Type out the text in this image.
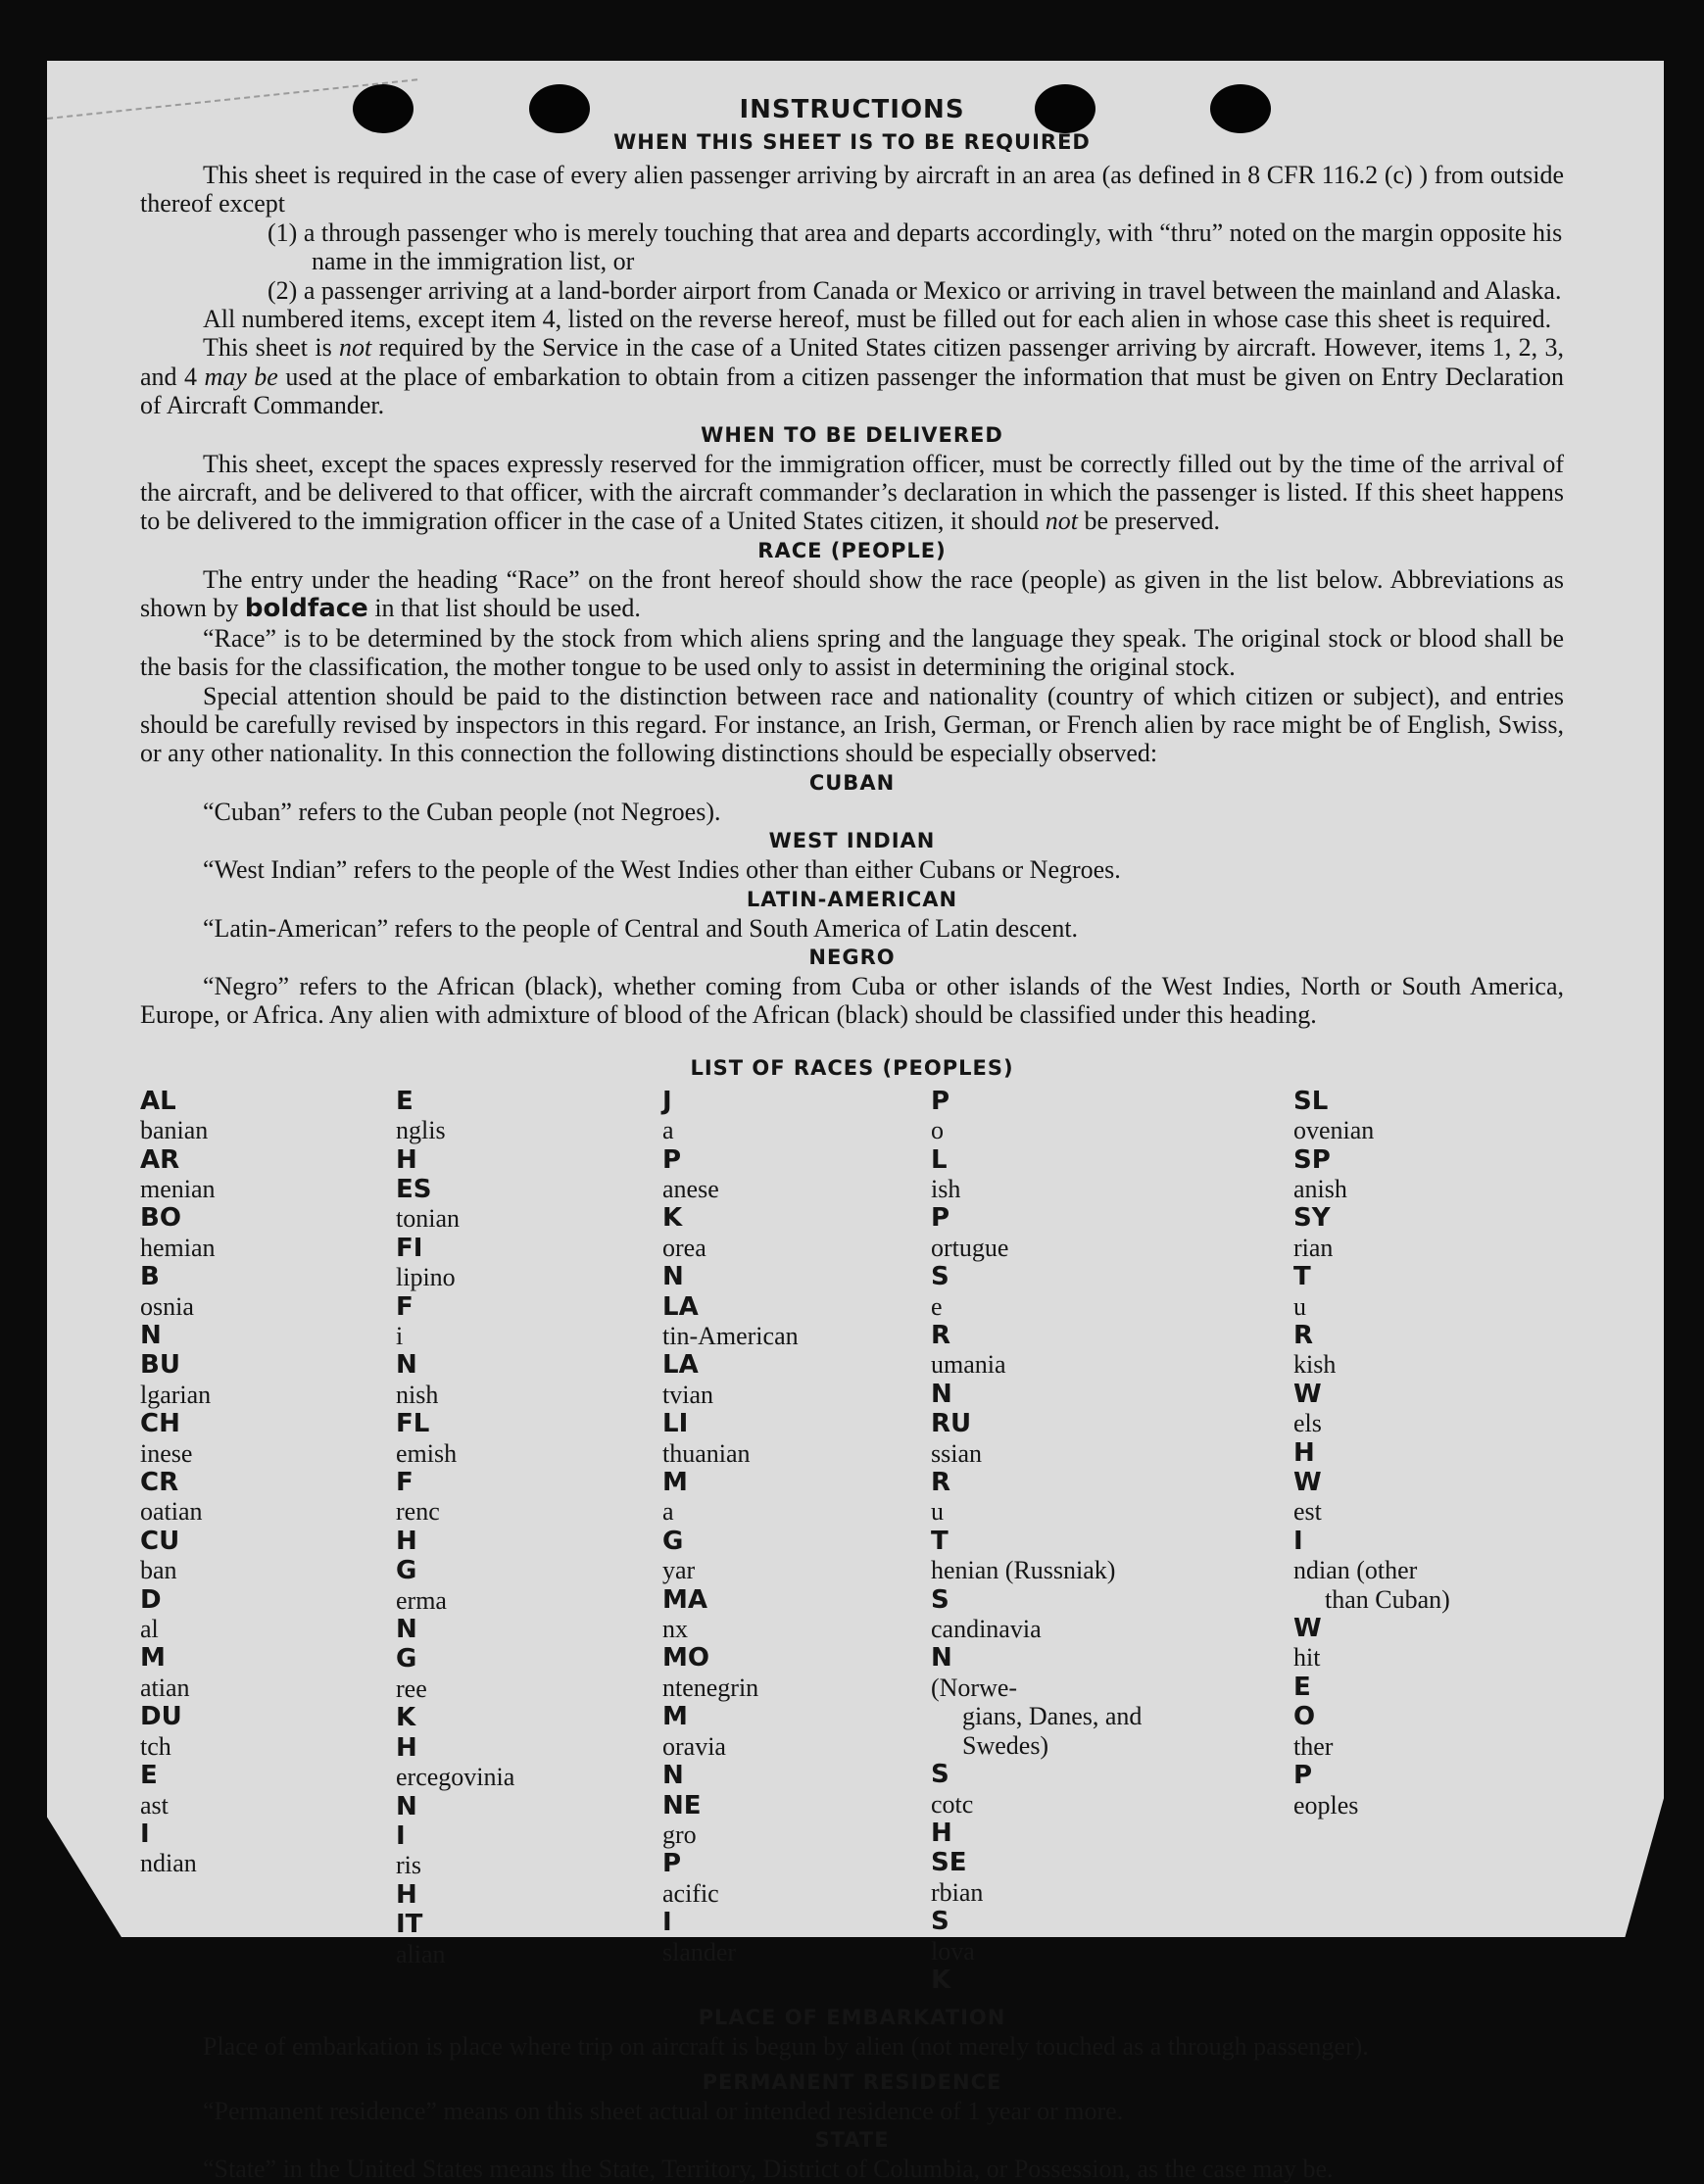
INSTRUCTIONS
WHEN THIS SHEET IS TO BE REQUIRED

This sheet is required in the case of every alien passenger arriving by aircraft in an area (as defined in 8 CFR 116.2 (c) ) from outside thereof except

(1) a through passenger who is merely touching that area and departs accordingly, with “thru” noted on the margin opposite his name in the immigration list, or

(2) a passenger arriving at a land-border airport from Canada or Mexico or arriving in travel between the mainland and Alaska.

All numbered items, except item 4, listed on the reverse hereof, must be filled out for each alien in whose case this sheet is required.

This sheet is not required by the Service in the case of a United States citizen passenger arriving by aircraft. However, items 1, 2, 3, and 4 may be used at the place of embarkation to obtain from a citizen passenger the information that must be given on Entry Declaration of Aircraft Commander.

WHEN TO BE DELIVERED

This sheet, except the spaces expressly reserved for the immigration officer, must be correctly filled out by the time of the arrival of the aircraft, and be delivered to that officer, with the aircraft commander’s declaration in which the passenger is listed. If this sheet happens to be delivered to the immigration officer in the case of a United States citizen, it should not be preserved.

RACE (PEOPLE)

The entry under the heading “Race” on the front hereof should show the race (people) as given in the list below. Abbreviations as shown by boldface in that list should be used.

“Race” is to be determined by the stock from which aliens spring and the language they speak. The original stock or blood shall be the basis for the classification, the mother tongue to be used only to assist in determining the original stock.

Special attention should be paid to the distinction between race and nationality (country of which citizen or subject), and entries should be carefully revised by inspectors in this regard. For instance, an Irish, German, or French alien by race might be of English, Swiss, or any other nationality. In this connection the following distinctions should be especially observed:

CUBAN

“Cuban” refers to the Cuban people (not Negroes).

WEST INDIAN

“West Indian” refers to the people of the West Indies other than either Cubans or Negroes.

LATIN-AMERICAN

“Latin-American” refers to the people of Central and South America of Latin descent.

NEGRO

“Negro” refers to the African (black), whether coming from Cuba or other islands of the West Indies, North or South America, Europe, or Africa. Any alien with admixture of blood of the African (black) should be classified under this heading.

LIST OF RACES (PEOPLES)
AL
banian
AR
menian
BO
hemian
B
osnia
N
BU
lgarian
CH
inese
CR
oatian
CU
ban
D
al
M
atian
DU
tch
E
ast
I
ndian
E
nglis
H
ES
tonian
FI
lipino
F
i
N
nish
FL
emish
F
renc
H
G
erma
N
G
ree
K
H
ercegovinia
N
I
ris
H
IT
alian
J
a
P
anese
K
orea
N
LA
tin-American
LA
tvian
LI
thuanian
M
a
G
yar
MA
nx
MO
ntenegrin
M
oravia
N
NE
gro
P
acific
I
slander
P
o
L
ish
P
ortugue
S
e
R
umania
N
RU
ssian
R
u
T
henian (Russniak)
S
candinavia
N
(Norwe-
gians, Danes, and
Swedes)
S
cotc
H
SE
rbian
S
lova
K
SL
ovenian
SP
anish
SY
rian
T
u
R
kish
W
els
H
W
est
I
ndian (other
than Cuban)
W
hit
E
O
ther
P
eoples
PLACE OF EMBARKATION

Place of embarkation is place where trip on aircraft is begun by alien (not merely touched as a through passenger).

PERMANENT RESIDENCE

“Permanent residence” means on this sheet actual or intended residence of 1 year or more.

STATE

“State” in the United States means the State, Territory, District of Columbia, or Possession, as the case may be.
